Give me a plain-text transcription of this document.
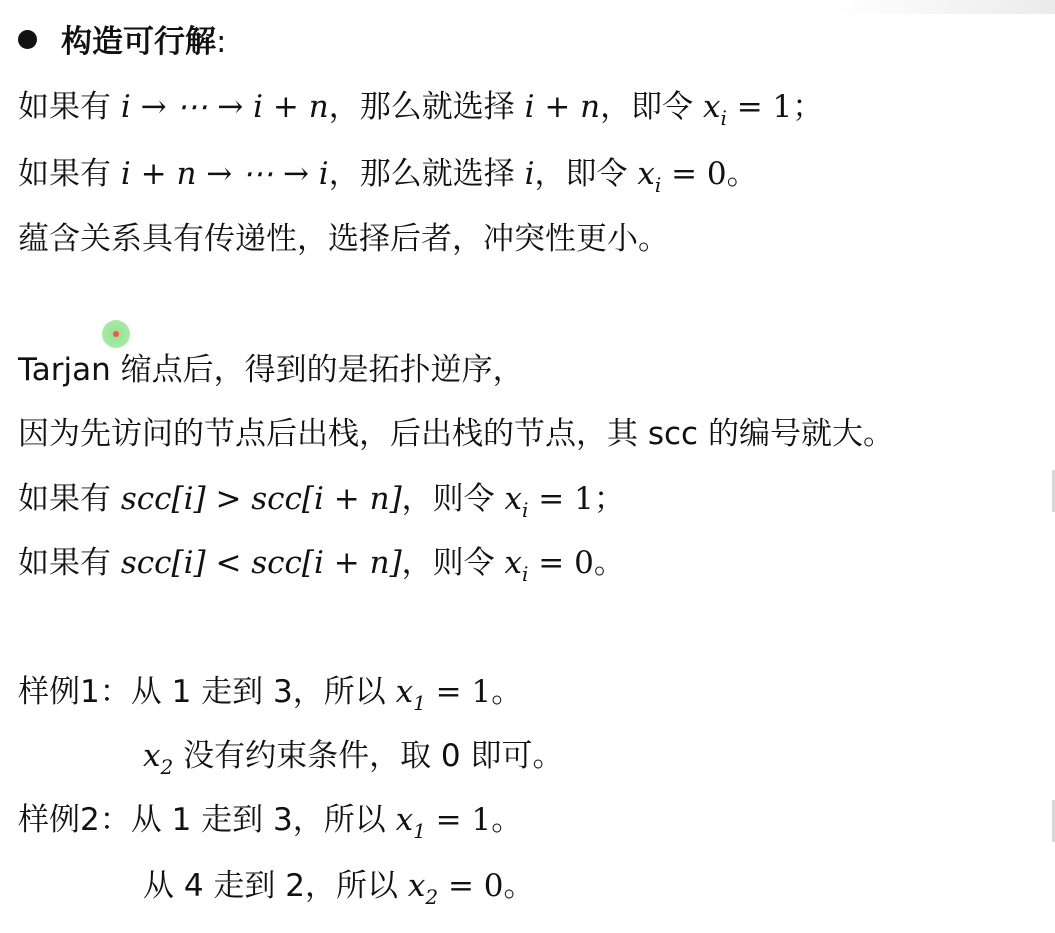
构造可行解:
如果有 i → ⋯ → i + n，那么就选择 i + n，即令 $x_i = 1$；
如果有 i + n → ⋯ → i，那么就选择 i，即令 $x_i = 0$。
蕴含关系具有传递性，选择后者，冲突性更小。
Tarjan 缩点后，得到的是拓扑逆序，
因为先访问的节点后出栈，后出栈的节点，其 scc 的编号就大。
如果有 scc[i] > scc[i + n]，则令 $x_i = 1$；
如果有 scc[i] < scc[i + n]，则令 $x_i = 0$。
样例1：从 1 走到 3，所以 $x_1 = 1$。
$x_2$ 没有约束条件，取 0 即可。
样例2：从 1 走到 3，所以 $x_1 = 1$。
从 4 走到 2，所以 $x_2 = 0$。
